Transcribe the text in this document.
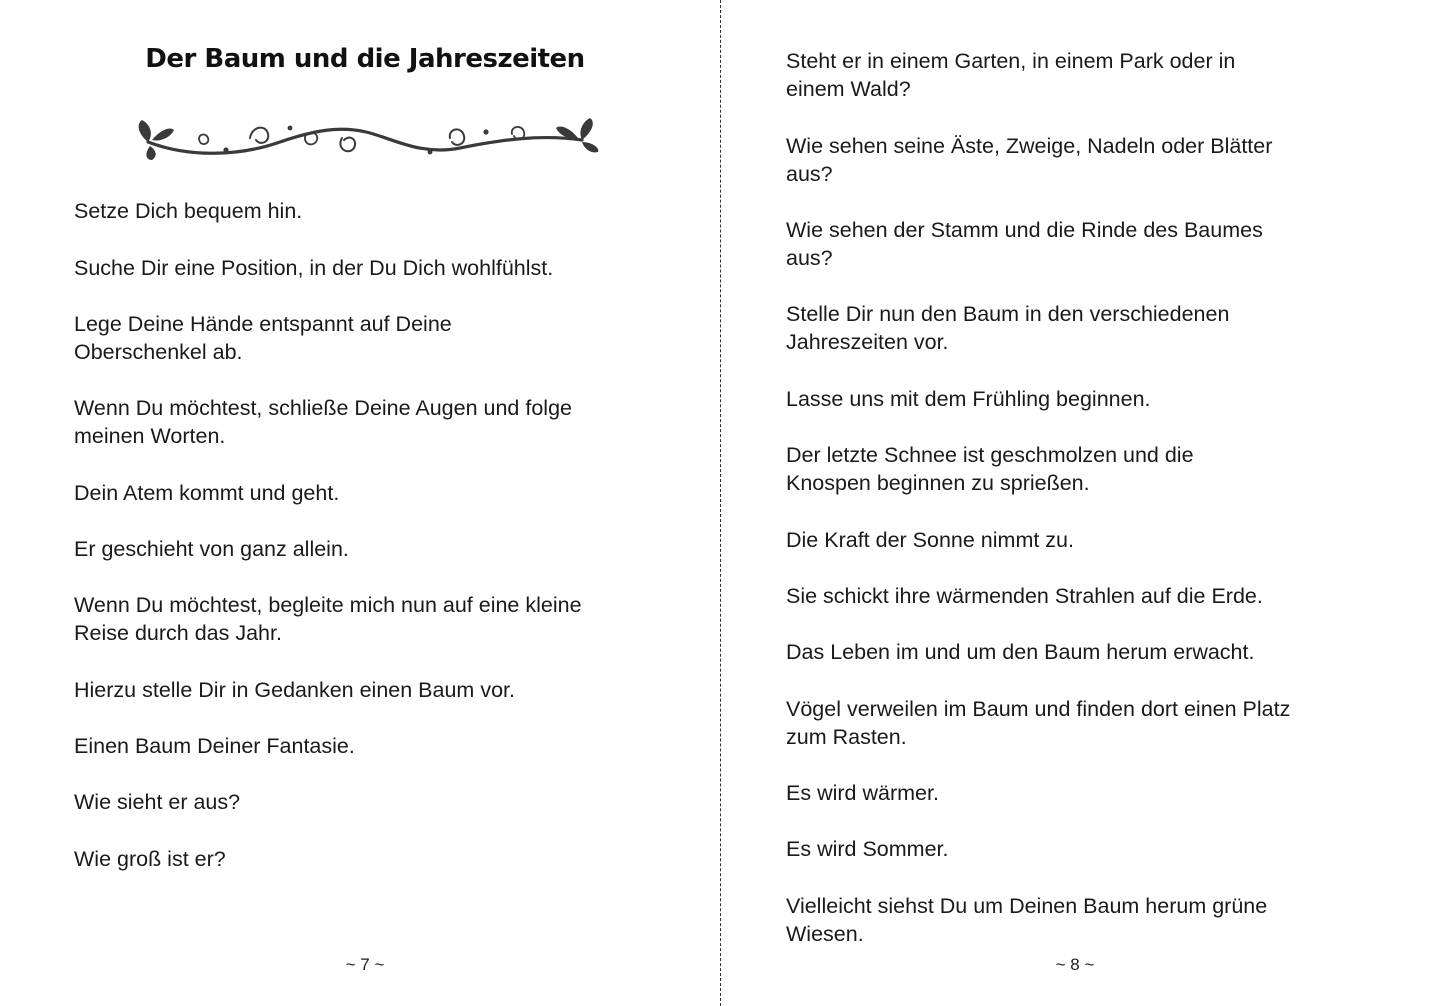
Der Baum und die Jahreszeiten

Setze Dich bequem hin.

Suche Dir eine Position, in der Du Dich wohlfühlst.

Lege Deine Hände entspannt auf Deine
Oberschenkel ab.

Wenn Du möchtest, schließe Deine Augen und folge
meinen Worten.

Dein Atem kommt und geht.

Er geschieht von ganz allein.

Wenn Du möchtest, begleite mich nun auf eine kleine
Reise durch das Jahr.

Hierzu stelle Dir in Gedanken einen Baum vor.

Einen Baum Deiner Fantasie.

Wie sieht er aus?

Wie groß ist er?

~ 7 ~

Steht er in einem Garten, in einem Park oder in
einem Wald?

Wie sehen seine Äste, Zweige, Nadeln oder Blätter
aus?

Wie sehen der Stamm und die Rinde des Baumes
aus?

Stelle Dir nun den Baum in den verschiedenen
Jahreszeiten vor.

Lasse uns mit dem Frühling beginnen.

Der letzte Schnee ist geschmolzen und die
Knospen beginnen zu sprießen.

Die Kraft der Sonne nimmt zu.

Sie schickt ihre wärmenden Strahlen auf die Erde.

Das Leben im und um den Baum herum erwacht.

Vögel verweilen im Baum und finden dort einen Platz
zum Rasten.

Es wird wärmer.

Es wird Sommer.

Vielleicht siehst Du um Deinen Baum herum grüne
Wiesen.

~ 8 ~
